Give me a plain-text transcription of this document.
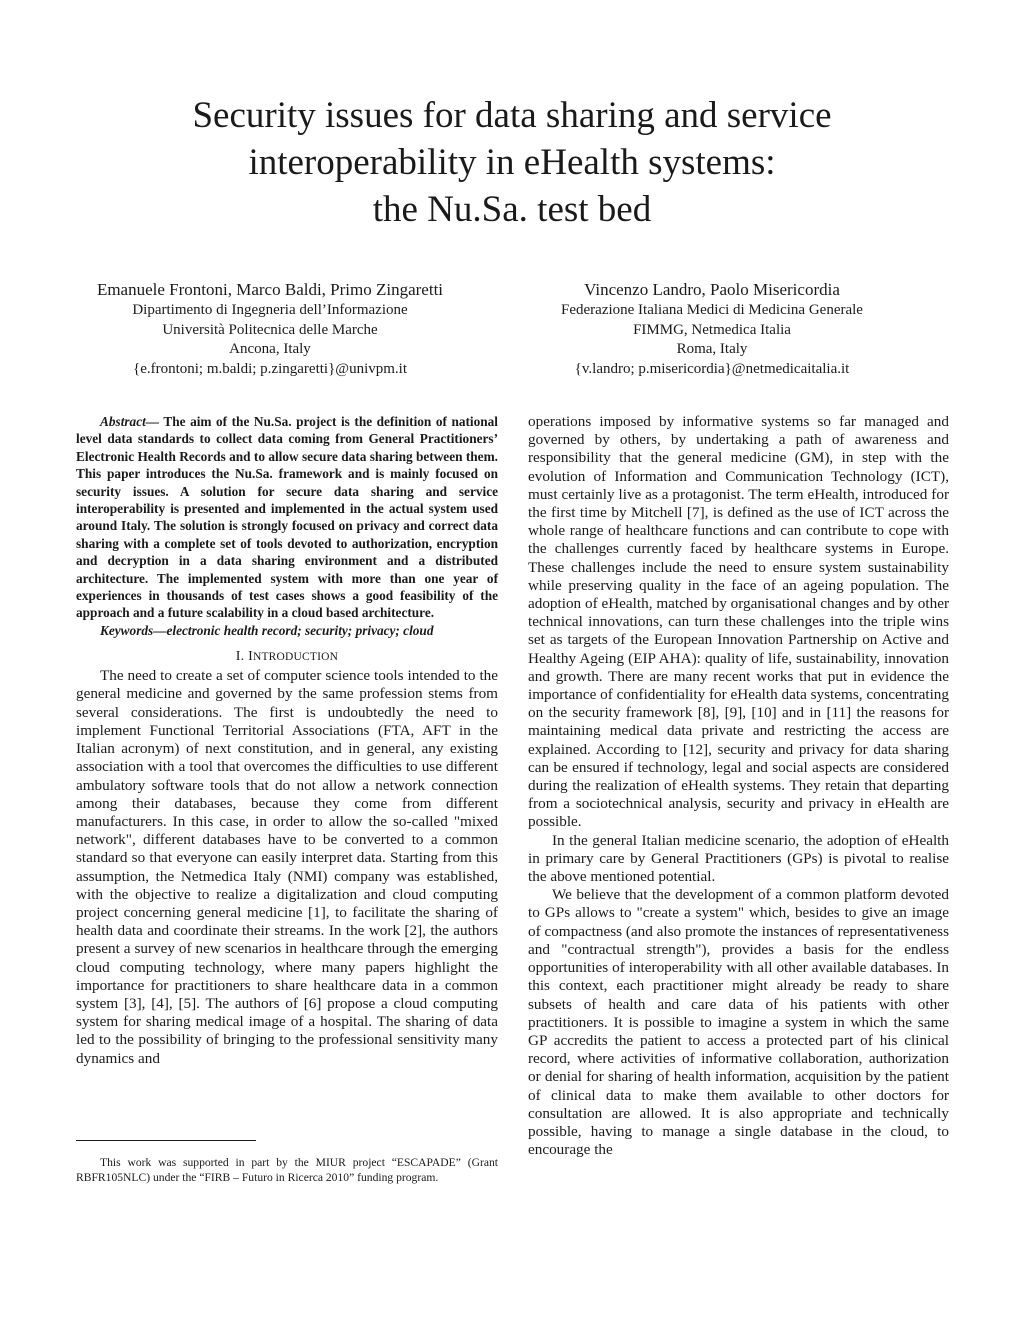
Security issues for data sharing and service
interoperability in eHealth systems:
the Nu.Sa. test bed
Emanuele Frontoni, Marco Baldi, Primo Zingaretti
Dipartimento di Ingegneria dell’Informazione
Università Politecnica delle Marche
Ancona, Italy
{e.frontoni; m.baldi; p.zingaretti}@univpm.it
Vincenzo Landro, Paolo Misericordia
Federazione Italiana Medici di Medicina Generale
FIMMG, Netmedica Italia
Roma, Italy
{v.landro; p.misericordia}@netmedicaitalia.it

Abstract— The aim of the Nu.Sa. project is the definition of national level data standards to collect data coming from General Practitioners’ Electronic Health Records and to allow secure data sharing between them. This paper introduces the Nu.Sa. framework and is mainly focused on security issues. A solution for secure data sharing and service interoperability is presented and implemented in the actual system used around Italy. The solution is strongly focused on privacy and correct data sharing with a complete set of tools devoted to authorization, encryption and decryption in a data sharing environment and a distributed architecture. The implemented system with more than one year of experiences in thousands of test cases shows a good feasibility of the approach and a future scalability in a cloud based architecture.

Keywords—electronic health record; security; privacy; cloud

I. INTRODUCTION

The need to create a set of computer science tools intended to the general medicine and governed by the same profession stems from several considerations. The first is undoubtedly the need to implement Functional Territorial Associations (FTA, AFT in the Italian acronym) of next constitution, and in general, any existing association with a tool that overcomes the difficulties to use different ambulatory software tools that do not allow a network connection among their databases, because they come from different manufacturers. In this case, in order to allow the so-called "mixed network", different databases have to be converted to a common standard so that everyone can easily interpret data. Starting from this assumption, the Netmedica Italy (NMI) company was established, with the objective to realize a digitalization and cloud computing project concerning general medicine [1], to facilitate the sharing of health data and coordinate their streams. In the work [2], the authors present a survey of new scenarios in healthcare through the emerging cloud computing technology, where many papers highlight the importance for practitioners to share healthcare data in a common system [3], [4], [5]. The authors of [6] propose a cloud computing system for sharing medical image of a hospital. The sharing of data led to the possibility of bringing to the professional sensitivity many dynamics and

operations imposed by informative systems so far managed and governed by others, by undertaking a path of awareness and responsibility that the general medicine (GM), in step with the evolution of Information and Communication Technology (ICT), must certainly live as a protagonist. The term eHealth, introduced for the first time by Mitchell [7], is defined as the use of ICT across the whole range of healthcare functions and can contribute to cope with the challenges currently faced by healthcare systems in Europe. These challenges include the need to ensure system sustainability while preserving quality in the face of an ageing population. The adoption of eHealth, matched by organisational changes and by other technical innovations, can turn these challenges into the triple wins set as targets of the European Innovation Partnership on Active and Healthy Ageing (EIP AHA): quality of life, sustainability, innovation and growth. There are many recent works that put in evidence the importance of confidentiality for eHealth data systems, concentrating on the security framework [8], [9], [10] and in [11] the reasons for maintaining medical data private and restricting the access are explained. According to [12], security and privacy for data sharing can be ensured if technology, legal and social aspects are considered during the realization of eHealth systems. They retain that departing from a sociotechnical analysis, security and privacy in eHealth are possible.

In the general Italian medicine scenario, the adoption of eHealth in primary care by General Practitioners (GPs) is pivotal to realise the above mentioned potential.

We believe that the development of a common platform devoted to GPs allows to "create a system" which, besides to give an image of compactness (and also promote the instances of representativeness and "contractual strength"), provides a basis for the endless opportunities of interoperability with all other available databases. In this context, each practitioner might already be ready to share subsets of health and care data of his patients with other practitioners. It is possible to imagine a system in which the same GP accredits the patient to access a protected part of his clinical record, where activities of informative collaboration, authorization or denial for sharing of health information, acquisition by the patient of clinical data to make them available to other doctors for consultation are allowed. It is also appropriate and technically possible, having to manage a single database in the cloud, to encourage the

This work was supported in part by the MIUR project “ESCAPADE” (Grant RBFR105NLC) under the “FIRB – Futuro in Ricerca 2010” funding program.
